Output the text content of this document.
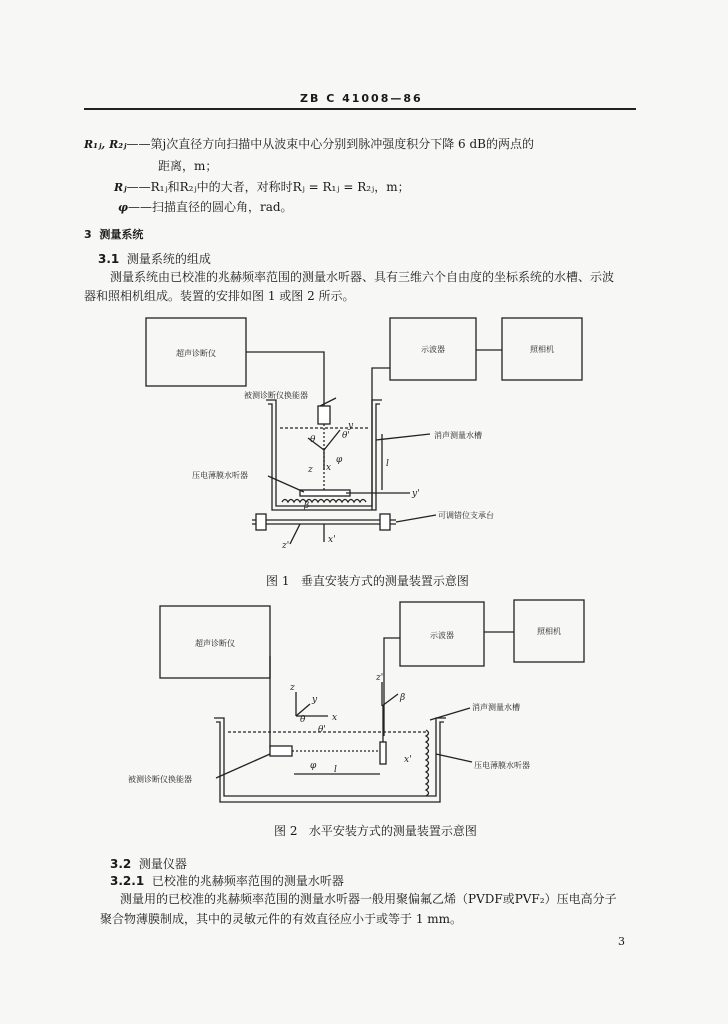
ZB C 41008—86
R₁ⱼ, R₂ⱼ——第j次直径方向扫描中从波束中心分别到脉冲强度积分下降 6 dB的两点的
距离，m；
Rⱼ——R₁ⱼ和R₂ⱼ中的大者，对称时Rⱼ = R₁ⱼ = R₂ⱼ，m；
φ——扫描直径的圆心角，rad。
3 测量系统
3.1 测量系统的组成
测量系统由已校准的兆赫频率范围的测量水听器、具有三维六个自由度的坐标系统的水槽、示波
器和照相机组成。装置的安排如图 1 或图 2 所示。
超声诊断仪	示波器	照相机
被测诊断仪换能器
消声测量水槽
压电薄膜水听器
可调错位支承台
θ	θ'
φ
y
z x
β
y'
l
z'
x'
图 1 垂直安装方式的测量装置示意图
超声诊断仪
示波器	照相机
消声测量水槽
压电薄膜水听器
被测诊断仪换能器
z
y
θ
θ'
x
φ l
z'
β
x'
图 2 水平安装方式的测量装置示意图
3.2 测量仪器
3.2.1 已校准的兆赫频率范围的测量水听器
测量用的已校准的兆赫频率范围的测量水听器一般用聚偏氟乙烯（PVDF或PVF₂）压电高分子
聚合物薄膜制成，其中的灵敏元件的有效直径应小于或等于 1 mm。
3
